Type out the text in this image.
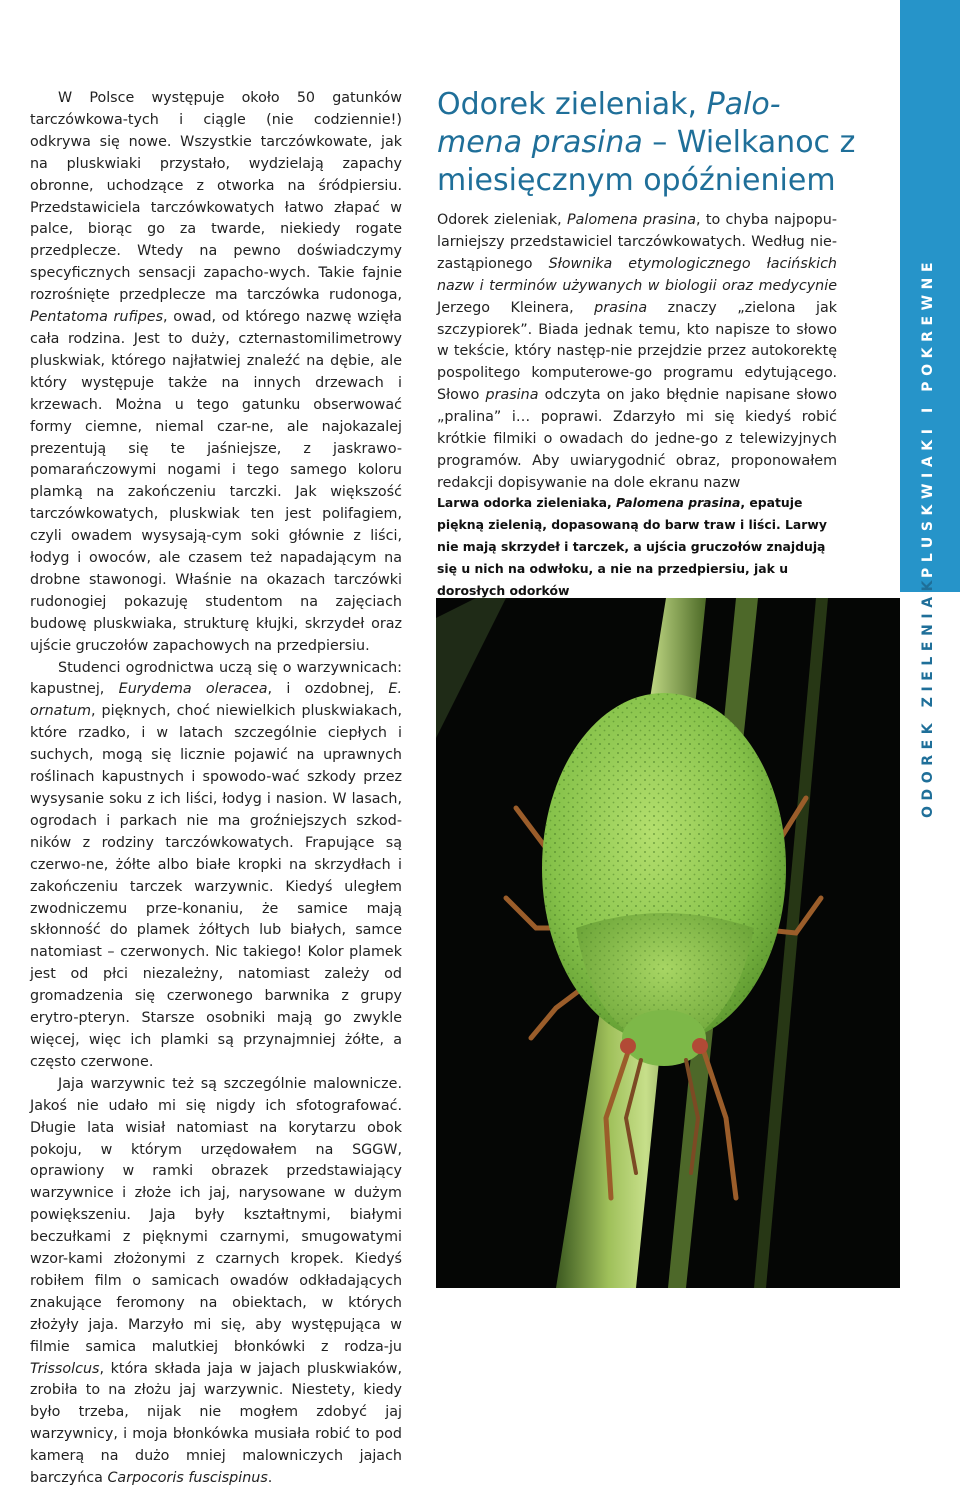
PLUSKWIAKI I POKREWNE
ODOREK ZIELENIAK

W Polsce występuje około 50 gatunków tarczówkowa-tych i ciągle (nie codziennie!) odkrywa się nowe. Wszystkie tarczówkowate, jak na pluskwiaki przystało, wydzielają zapachy obronne, uchodzące z otworka na śródpiersiu. Przedstawiciela tarczówkowatych łatwo złapać w palce, biorąc go za twarde, niekiedy rogate przedplecze. Wtedy na pewno doświadczymy specyficznych sensacji zapacho-wych. Takie fajnie rozrośnięte przedplecze ma tarczówka rudonoga, Pentatoma rufipes, owad, od którego nazwę wzięła cała rodzina. Jest to duży, czternastomilimetrowy pluskwiak, którego najłatwiej znaleźć na dębie, ale który występuje także na innych drzewach i krzewach. Można u tego gatunku obserwować formy ciemne, niemal czar-ne, ale najokazalej prezentują się te jaśniejsze, z jaskrawo-pomarańczowymi nogami i tego samego koloru plamką na zakończeniu tarczki. Jak większość tarczówkowatych, pluskwiak ten jest polifagiem, czyli owadem wysysają-cym soki głównie z liści, łodyg i owoców, ale czasem też napadającym na drobne stawonogi. Właśnie na okazach tarczówki rudonogiej pokazuję studentom na zajęciach budowę pluskwiaka, strukturę kłujki, skrzydeł oraz ujście gruczołów zapachowych na przedpiersiu.

Studenci ogrodnictwa uczą się o warzywnicach: kapustnej, Eurydema oleracea, i ozdobnej, E. ornatum, pięknych, choć niewielkich pluskwiakach, które rzadko, i w latach szczególnie ciepłych i suchych, mogą się licznie pojawić na uprawnych roślinach kapustnych i spowodo-wać szkody przez wysysanie soku z ich liści, łodyg i nasion. W lasach, ogrodach i parkach nie ma groźniejszych szkod-ników z rodziny tarczówkowatych. Frapujące są czerwo-ne, żółte albo białe kropki na skrzydłach i zakończeniu tarczek warzywnic. Kiedyś uległem zwodniczemu prze-konaniu, że samice mają skłonność do plamek żółtych lub białych, samce natomiast – czerwonych. Nic takiego! Kolor plamek jest od płci niezależny, natomiast zależy od gromadzenia się czerwonego barwnika z grupy erytro-pteryn. Starsze osobniki mają go zwykle więcej, więc ich plamki są przynajmniej żółte, a często czerwone.

Jaja warzywnic też są szczególnie malownicze. Jakoś nie udało mi się nigdy ich sfotografować. Długie lata wisiał natomiast na korytarzu obok pokoju, w którym urzędowałem na SGGW, oprawiony w ramki obrazek przedstawiający warzywnice i złoże ich jaj, narysowane w dużym powiększeniu. Jaja były kształtnymi, białymi beczułkami z pięknymi czarnymi, smugowatymi wzor-kami złożonymi z czarnych kropek. Kiedyś robiłem film o samicach owadów odkładających znakujące feromony na obiektach, w których złożyły jaja. Marzyło mi się, aby występująca w filmie samica malutkiej błonkówki z rodza-ju Trissolcus, która składa jaja w jajach pluskwiaków, zrobiła to na złożu jaj warzywnic. Niestety, kiedy było trzeba, nijak nie mogłem zdobyć jaj warzywnicy, i moja błonkówka musiała robić to pod kamerą na dużo mniej malowniczych jajach barczyńca Carpocoris fuscispinus.

Odorek zieleniak, Palo-mena prasina – Wielkanoc z miesięcznym opóźnieniem

Odorek zieleniak, Palomena prasina, to chyba najpopu-larniejszy przedstawiciel tarczówkowatych. Według nie-zastąpionego Słownika etymologicznego łacińskich nazw i terminów używanych w biologii oraz medycynie Jerzego Kleinera, prasina znaczy „zielona jak szczypiorek”. Biada jednak temu, kto napisze to słowo w tekście, który następ-nie przejdzie przez autokorektę pospolitego komputerowe-go programu edytującego. Słowo prasina odczyta on jako błędnie napisane słowo „pralina” i… poprawi. Zdarzyło mi się kiedyś robić krótkie filmiki o owadach do jedne-go z telewizyjnych programów. Aby uwiarygodnić obraz, proponowałem redakcji dopisywanie na dole ekranu nazw

Larwa odorka zieleniaka, Palomena prasina, epatuje piękną zielenią, dopasowaną do barw traw i liści. Larwy nie mają skrzydeł i tarczek, a ujścia gruczołów znajdują się u nich na odwłoku, a nie na przedpiersiu, jak u dorosłych odorków
